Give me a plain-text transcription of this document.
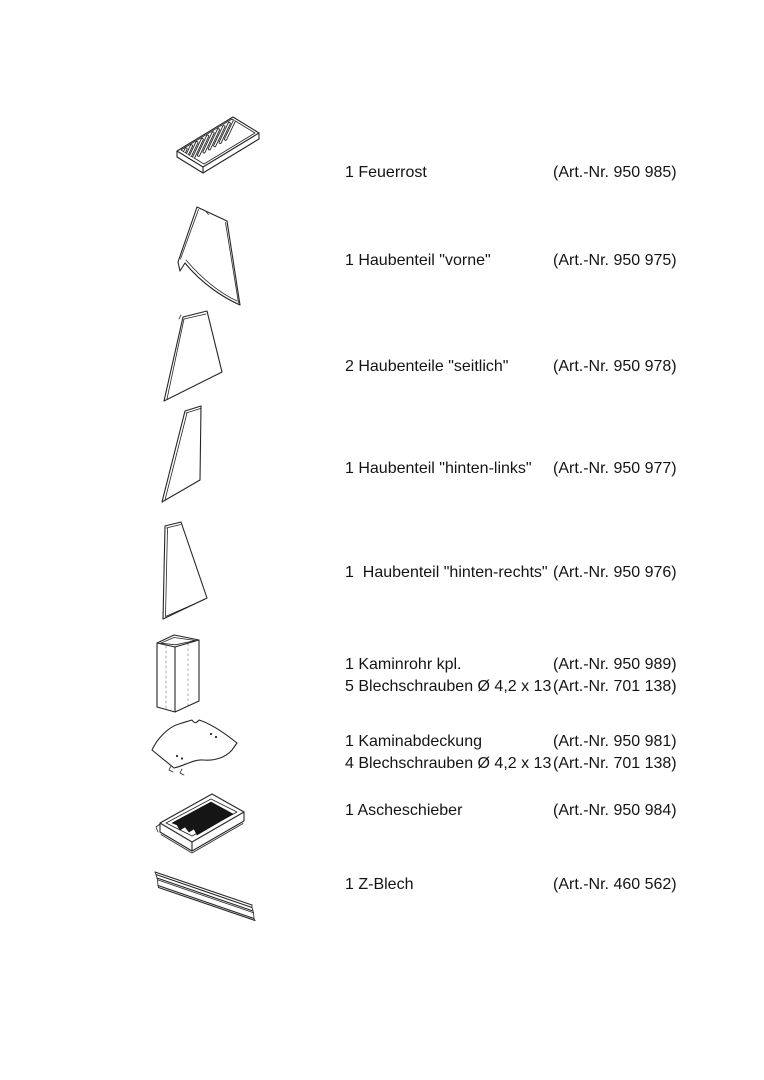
1 Feuerrost	(Art.-Nr. 950 985)
1 Haubenteil "vorne"	(Art.-Nr. 950 975)
2 Haubenteile "seitlich"	(Art.-Nr. 950 978)
1 Haubenteil "hinten-links" (Art.-Nr. 950 977)
1  Haubenteil "hinten-rechts" (Art.-Nr. 950 976)
1 Kaminrohr kpl.	(Art.-Nr. 950 989)
5 Blechschrauben Ø 4,2 x 13 (Art.-Nr. 701 138)
1 Kaminabdeckung	(Art.-Nr. 950 981)
4 Blechschrauben Ø 4,2 x 13 (Art.-Nr. 701 138)
1 Ascheschieber	(Art.-Nr. 950 984)
1 Z-Blech	(Art.-Nr. 460 562)
